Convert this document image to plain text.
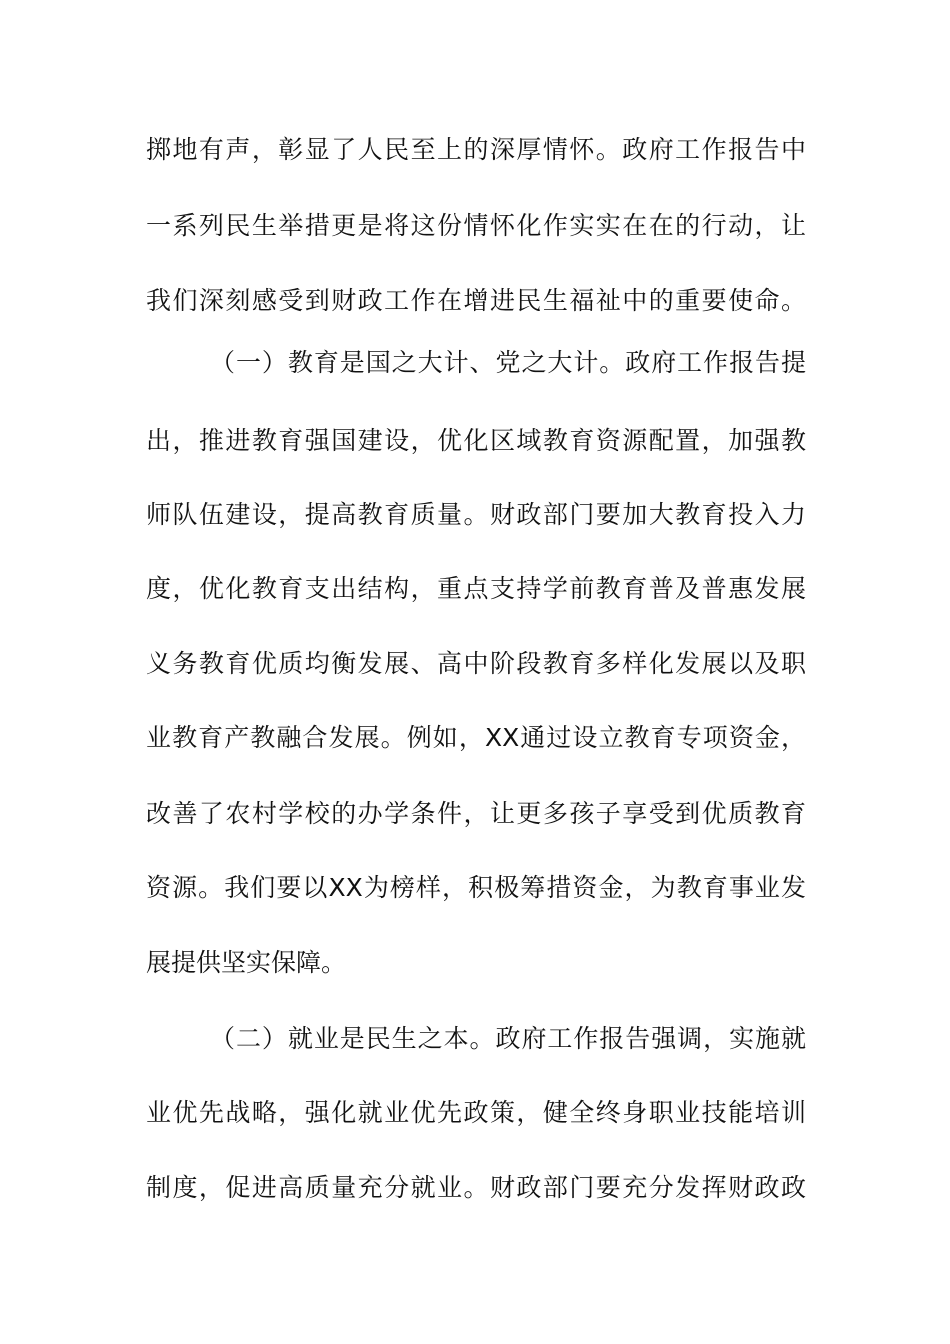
掷地有声，彰显了人民至上的深厚情怀。政府工作报告中
一系列民生举措更是将这份情怀化作实实在在的行动，让
我们深刻感受到财政工作在增进民生福祉中的重要使命。
（一）教育是国之大计、党之大计。政府工作报告提
出，推进教育强国建设，优化区域教育资源配置，加强教
师队伍建设，提高教育质量。财政部门要加大教育投入力
度，优化教育支出结构，重点支持学前教育普及普惠发展
义务教育优质均衡发展、高中阶段教育多样化发展以及职
业教育产教融合发展。例如，XX通过设立教育专项资金，
改善了农村学校的办学条件，让更多孩子享受到优质教育
资源。我们要以XX为榜样，积极筹措资金，为教育事业发
展提供坚实保障。
（二）就业是民生之本。政府工作报告强调，实施就
业优先战略，强化就业优先政策，健全终身职业技能培训
制度，促进高质量充分就业。财政部门要充分发挥财政政
